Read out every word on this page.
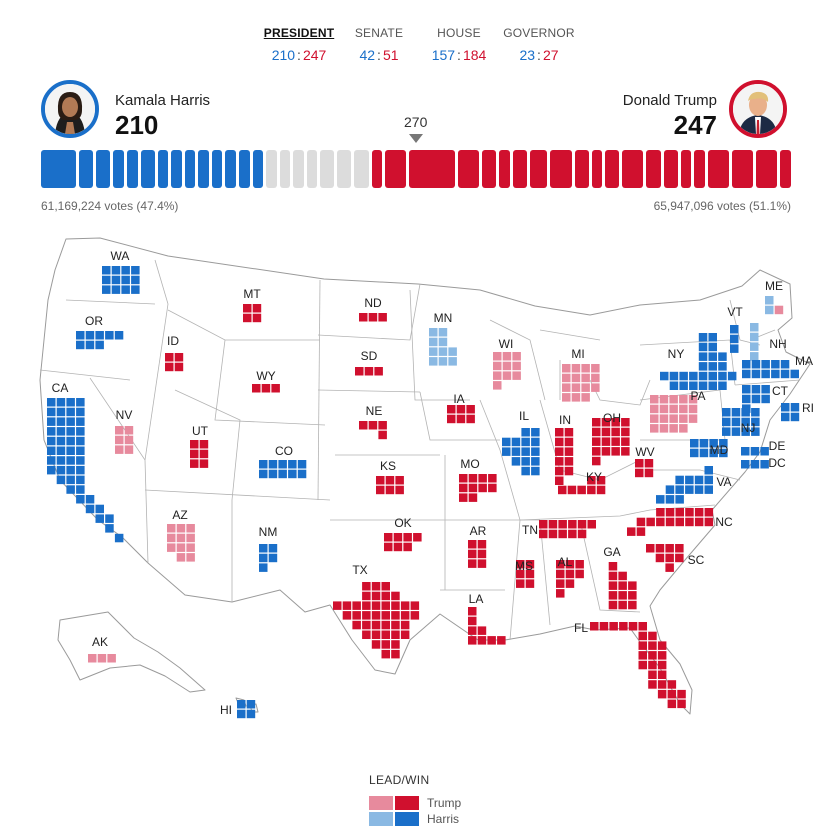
PRESIDENT
210 : 247
SENATE
42 : 51
HOUSE
157 : 184
GOVERNOR
23 : 27
Kamala Harris
210
Donald Trump
247
270
61,169,224 votes (47.4%)	65,947,096 votes (51.1%)
WA
OR
CA
NV
ID
MT
WY
UT
AZ
CO
NM
ND
SD
NE
KS
OK
TX
MN
IA
MO
AR
LA
WI
IL
MI
IN	OH
KY
TN
MS AL
GA
FL
SC
NC
WV
VA
PA
NY
VT
NH
ME
MA
CT
RI
NJ
DE
MD
DC
AK
HI
LEAD/WIN
Trump
Harris
